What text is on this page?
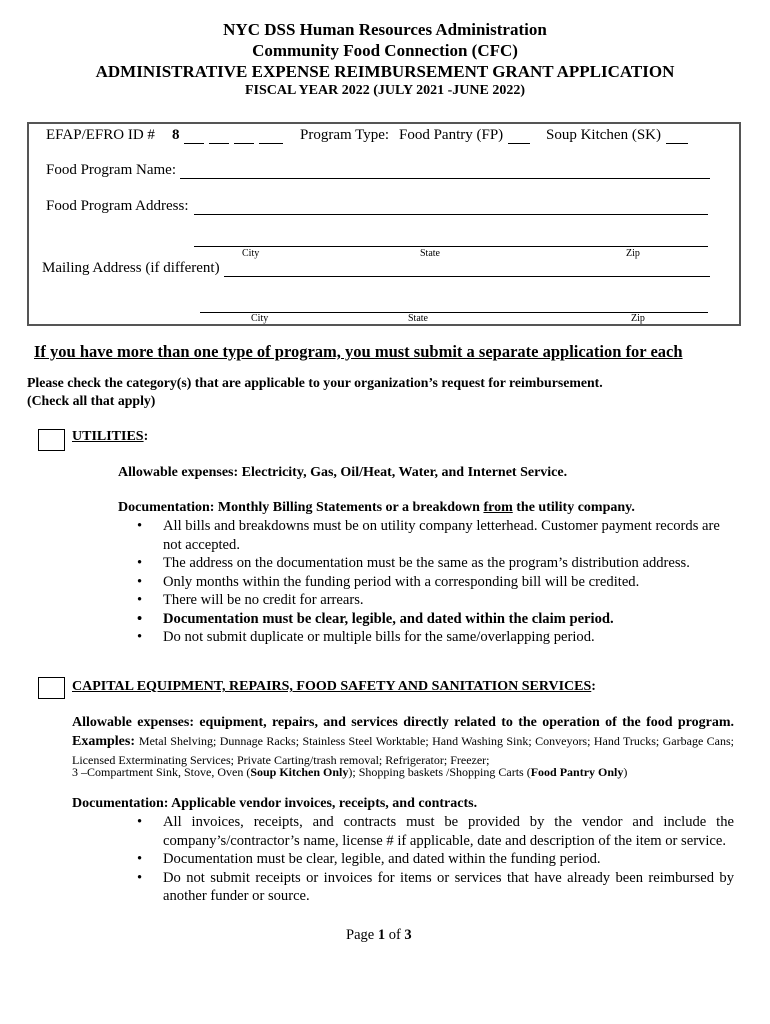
NYC DSS Human Resources Administration
Community Food Connection (CFC)
ADMINISTRATIVE EXPENSE REIMBURSEMENT GRANT APPLICATION
FISCAL YEAR 2022 (JULY 2021 -JUNE 2022)
EFAP/EFRO ID # 8	Program Type: Food Pantry (FP)	Soup Kitchen (SK)
Food Program Name:
Food Program Address:
City	State	Zip
Mailing Address (if different)
City	State	Zip
If you have more than one type of program, you must submit a separate application for each
Please check the category(s) that are applicable to your organization’s request for reimbursement.
(Check all that apply)
UTILITIES:
Allowable expenses: Electricity, Gas, Oil/Heat, Water, and Internet Service.
Documentation: Monthly Billing Statements or a breakdown from the utility company.
• All bills and breakdowns must be on utility company letterhead. Customer payment records are not accepted.
• The address on the documentation must be the same as the program’s distribution address.
• Only months within the funding period with a corresponding bill will be credited.
• There will be no credit for arrears.
• Documentation must be clear, legible, and dated within the claim period.
• Do not submit duplicate or multiple bills for the same/overlapping period.
CAPITAL EQUIPMENT, REPAIRS, FOOD SAFETY AND SANITATION SERVICES:
Allowable expenses: equipment, repairs, and services directly related to the operation of the food program. Examples: Metal Shelving; Dunnage Racks; Stainless Steel Worktable; Hand Washing Sink; Conveyors; Hand Trucks; Garbage Cans; Licensed Exterminating Services; Private Carting/trash removal; Refrigerator; Freezer;
3 –Compartment Sink, Stove, Oven (Soup Kitchen Only); Shopping baskets /Shopping Carts (Food Pantry Only)
Documentation: Applicable vendor invoices, receipts, and contracts.
• All invoices, receipts, and contracts must be provided by the vendor and include the company’s/contractor’s name, license # if applicable, date and description of the item or service.
• Documentation must be clear, legible, and dated within the funding period.
• Do not submit receipts or invoices for items or services that have already been reimbursed by another funder or source.
Page 1 of 3
